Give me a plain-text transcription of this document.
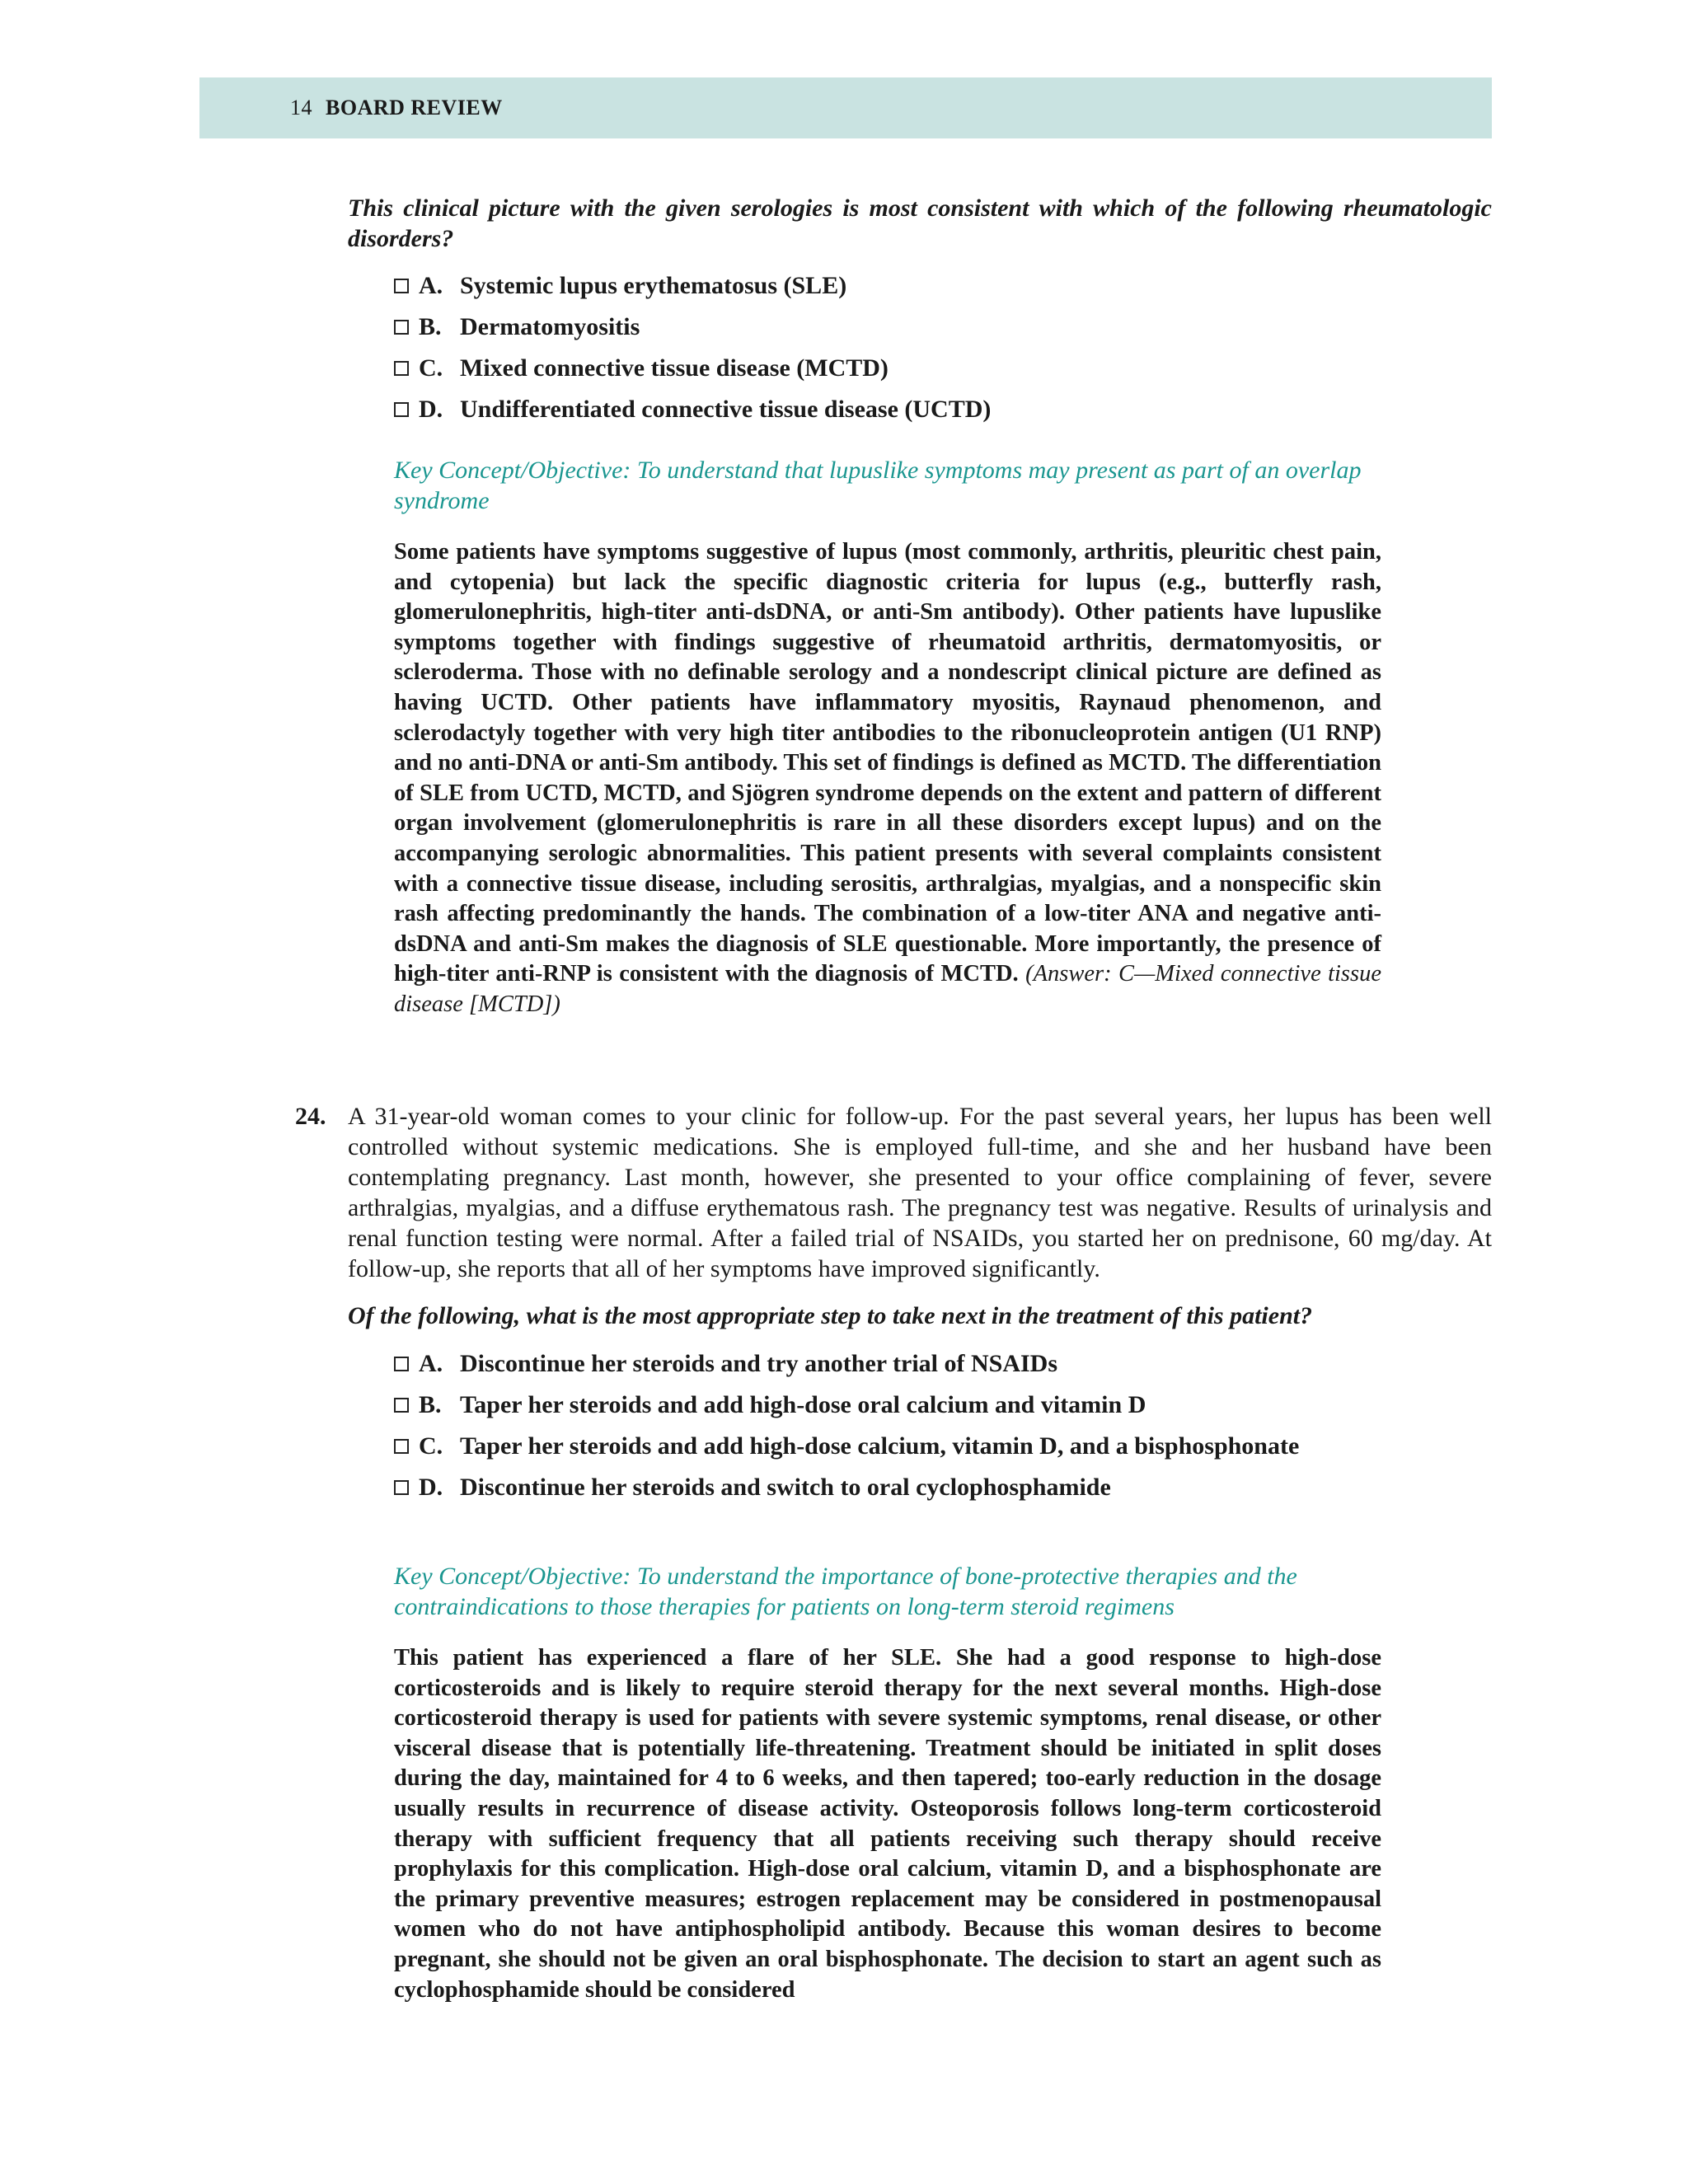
14 BOARD REVIEW
This clinical picture with the given serologies is most consistent with which of the following rheumatologic disorders?
A. Systemic lupus erythematosus (SLE)
B. Dermatomyositis
C. Mixed connective tissue disease (MCTD)
D. Undifferentiated connective tissue disease (UCTD)
Key Concept/Objective: To understand that lupuslike symptoms may present as part of an overlap syndrome
Some patients have symptoms suggestive of lupus (most commonly, arthritis, pleuritic chest pain, and cytopenia) but lack the specific diagnostic criteria for lupus (e.g., butterfly rash, glomerulonephritis, high-titer anti-dsDNA, or anti-Sm antibody). Other patients have lupuslike symptoms together with findings suggestive of rheumatoid arthritis, dermatomyositis, or scleroderma. Those with no definable serology and a nondescript clinical picture are defined as having UCTD. Other patients have inflammatory myositis, Raynaud phenomenon, and sclerodactyly together with very high titer antibodies to the ribonucleoprotein antigen (U1 RNP) and no anti-DNA or anti-Sm antibody. This set of findings is defined as MCTD. The differentiation of SLE from UCTD, MCTD, and Sjögren syndrome depends on the extent and pattern of different organ involvement (glomerulonephritis is rare in all these disorders except lupus) and on the accompanying serologic abnormalities. This patient presents with several complaints consistent with a connective tissue disease, including serositis, arthralgias, myalgias, and a nonspecific skin rash affecting predominantly the hands. The combination of a low-titer ANA and negative anti-dsDNA and anti-Sm makes the diagnosis of SLE questionable. More importantly, the presence of high-titer anti-RNP is consistent with the diagnosis of MCTD. (Answer: C—Mixed connective tissue disease [MCTD])
24. A 31-year-old woman comes to your clinic for follow-up. For the past several years, her lupus has been well controlled without systemic medications. She is employed full-time, and she and her husband have been contemplating pregnancy. Last month, however, she presented to your office complaining of fever, severe arthralgias, myalgias, and a diffuse erythematous rash. The pregnancy test was negative. Results of urinalysis and renal function testing were normal. After a failed trial of NSAIDs, you started her on prednisone, 60 mg/day. At follow-up, she reports that all of her symptoms have improved significantly.
Of the following, what is the most appropriate step to take next in the treatment of this patient?
A. Discontinue her steroids and try another trial of NSAIDs
B. Taper her steroids and add high-dose oral calcium and vitamin D
C. Taper her steroids and add high-dose calcium, vitamin D, and a bisphosphonate
D. Discontinue her steroids and switch to oral cyclophosphamide
Key Concept/Objective: To understand the importance of bone-protective therapies and the contraindications to those therapies for patients on long-term steroid regimens
This patient has experienced a flare of her SLE. She had a good response to high-dose corticosteroids and is likely to require steroid therapy for the next several months. High-dose corticosteroid therapy is used for patients with severe systemic symptoms, renal disease, or other visceral disease that is potentially life-threatening. Treatment should be initiated in split doses during the day, maintained for 4 to 6 weeks, and then tapered; too-early reduction in the dosage usually results in recurrence of disease activity. Osteoporosis follows long-term corticosteroid therapy with sufficient frequency that all patients receiving such therapy should receive prophylaxis for this complication. High-dose oral calcium, vitamin D, and a bisphosphonate are the primary preventive measures; estrogen replacement may be considered in postmenopausal women who do not have antiphospholipid antibody. Because this woman desires to become pregnant, she should not be given an oral bisphosphonate. The decision to start an agent such as cyclophosphamide should be considered
